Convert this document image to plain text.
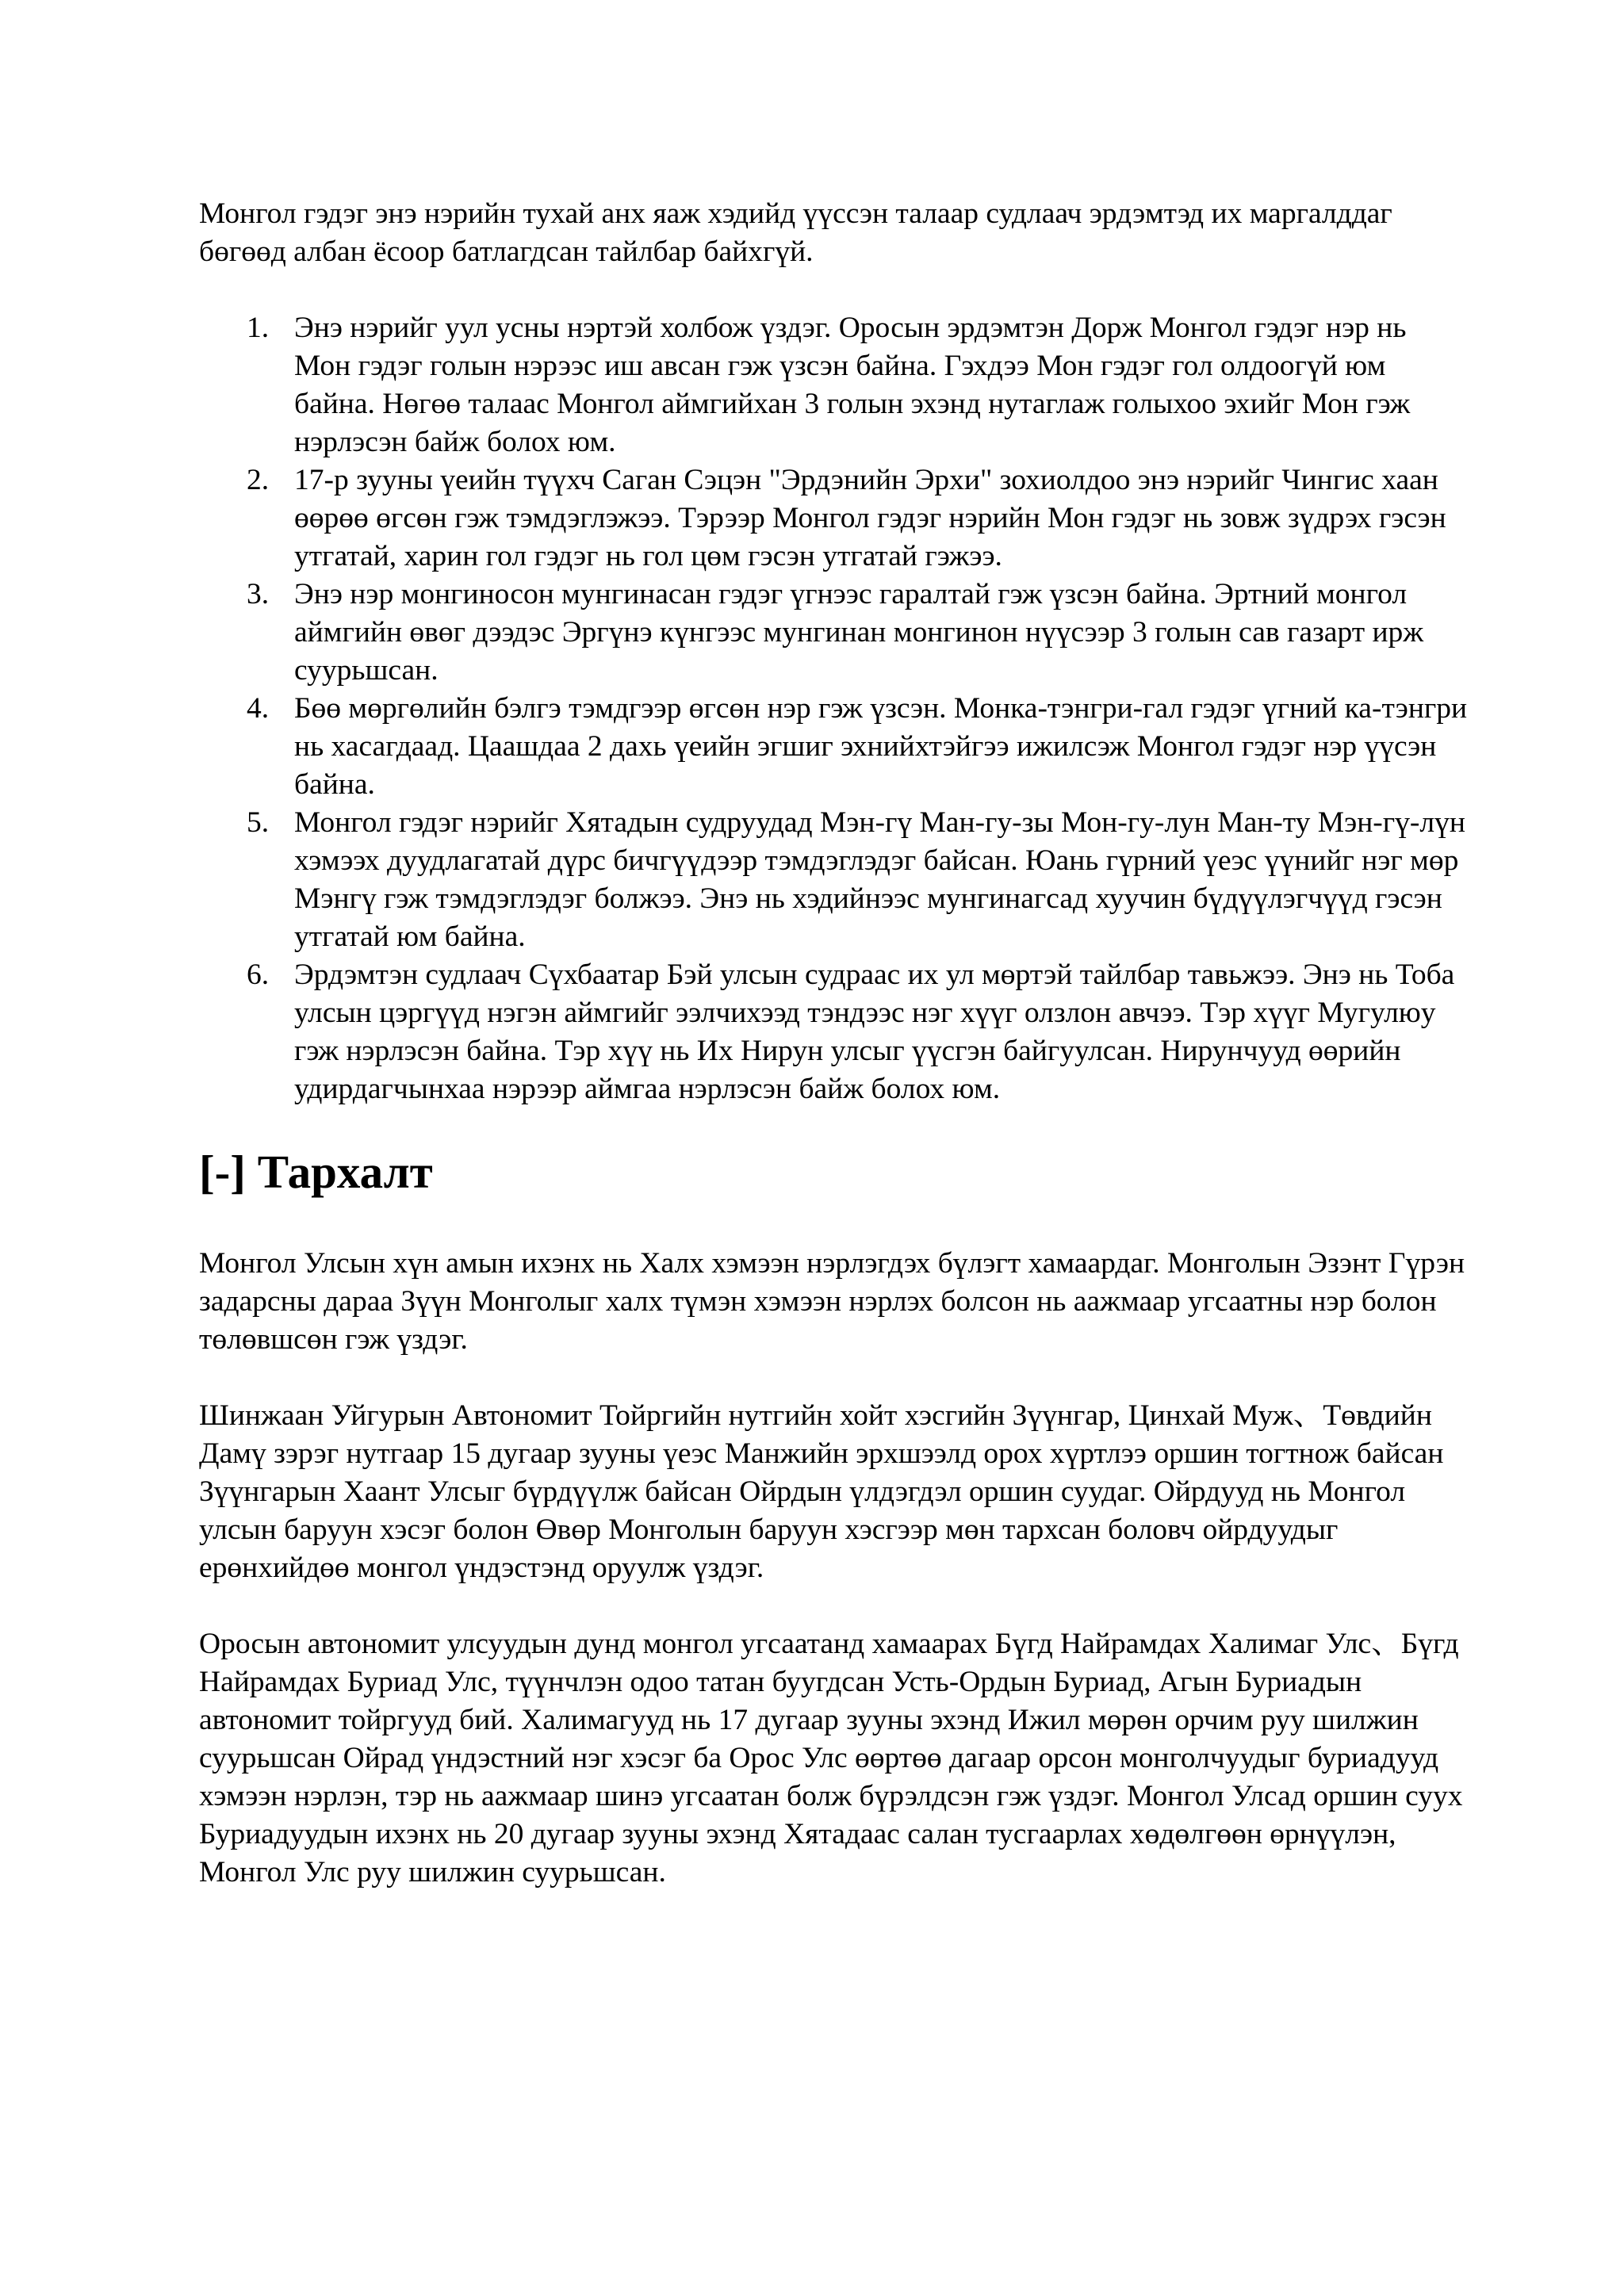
Монгол гэдэг энэ нэрийн тухай анх яаж хэдийд үүссэн талаар судлаач эрдэмтэд их маргалддаг бөгөөд албан ёсоор батлагдсан тайлбар байхгүй.

1. Энэ нэрийг уул усны нэртэй холбож үздэг. Оросын эрдэмтэн Дорж Монгол гэдэг нэр нь Мон гэдэг голын нэрээс иш авсан гэж үзсэн байна. Гэхдээ Мон гэдэг гол олдоогүй юм байна. Нөгөө талаас Монгол аймгийхан 3 голын эхэнд нутаглаж голыхоо эхийг Мон гэж нэрлэсэн байж болох юм.
2. 17-р зууны үеийн түүхч Саган Сэцэн "Эрдэнийн Эрхи" зохиолдоо энэ нэрийг Чингис хаан өөрөө өгсөн гэж тэмдэглэжээ. Тэрээр Монгол гэдэг нэрийн Мон гэдэг нь зовж зүдрэх гэсэн утгатай, харин гол гэдэг нь гол цөм гэсэн утгатай гэжээ.
3. Энэ нэр монгиносон мунгинасан гэдэг үгнээс гаралтай гэж үзсэн байна. Эртний монгол аймгийн өвөг дээдэс Эргүнэ күнгээс мунгинан монгинон нүүсээр 3 голын сав газарт ирж суурьшсан.
4. Бөө мөргөлийн бэлгэ тэмдгээр өгсөн нэр гэж үзсэн. Монка-тэнгри-гал гэдэг үгний ка-тэнгри нь хасагдаад. Цаашдаа 2 дахь үеийн эгшиг эхнийхтэйгээ ижилсэж Монгол гэдэг нэр үүсэн байна.
5. Монгол гэдэг нэрийг Хятадын судруудад Мэн-гү Ман-гу-зы Мон-гу-лун Ман-ту Мэн-гү-лүн хэмээх дуудлагатай дүрс бичгүүдээр тэмдэглэдэг байсан. Юань гүрний үеэс үүнийг нэг мөр Мэнгү гэж тэмдэглэдэг болжээ. Энэ нь хэдийнээс мунгинагсад хуучин бүдүүлэгчүүд гэсэн утгатай юм байна.
6. Эрдэмтэн судлаач Сүхбаатар Бэй улсын судраас их ул мөртэй тайлбар тавьжээ. Энэ нь Тоба улсын цэргүүд нэгэн аймгийг ээлчихээд тэндээс нэг хүүг олзлон авчээ. Тэр хүүг Мугулюу гэж нэрлэсэн байна. Тэр хүү нь Их Нирун улсыг үүсгэн байгуулсан. Нирунчууд өөрийн удирдагчынхаа нэрээр аймгаа нэрлэсэн байж болох юм.
[-] Тархалт

Монгол Улсын хүн амын ихэнх нь Халх хэмээн нэрлэгдэх бүлэгт хамаардаг. Монголын Эзэнт Гүрэн задарсны дараа Зүүн Монголыг халх түмэн хэмээн нэрлэх болсон нь аажмаар угсаатны нэр болон төлөвшсөн гэж үздэг.

Шинжаан Уйгурын Автономит Тойргийн нутгийн хойт хэсгийн Зүүнгар, Цинхай Муж、Төвдийн Дамү зэрэг нутгаар 15 дугаар зууны үеэс Манжийн эрхшээлд орох хүртлээ оршин тогтнож байсан Зүүнгарын Хаант Улсыг бүрдүүлж байсан Ойрдын үлдэгдэл оршин суудаг. Ойрдууд нь Монгол улсын баруун хэсэг болон Өвөр Монголын баруун хэсгээр мөн тархсан боловч ойрдуудыг ерөнхийдөө монгол үндэстэнд оруулж үздэг.

Оросын автономит улсуудын дунд монгол угсаатанд хамаарах Бүгд Найрамдах Халимаг Улс、Бүгд Найрамдах Буриад Улс, түүнчлэн одоо татан буугдсан Усть-Ордын Буриад, Агын Буриадын автономит тойргууд бий. Халимагууд нь 17 дугаар зууны эхэнд Ижил мөрөн орчим руу шилжин суурьшсан Ойрад үндэстний нэг хэсэг ба Орос Улс өөртөө дагаар орсон монголчуудыг буриадууд хэмээн нэрлэн, тэр нь аажмаар шинэ угсаатан болж бүрэлдсэн гэж үздэг. Монгол Улсад оршин суух Буриадуудын ихэнх нь 20 дугаар зууны эхэнд Хятадаас салан тусгаарлах хөдөлгөөн өрнүүлэн, Монгол Улс руу шилжин суурьшсан.
